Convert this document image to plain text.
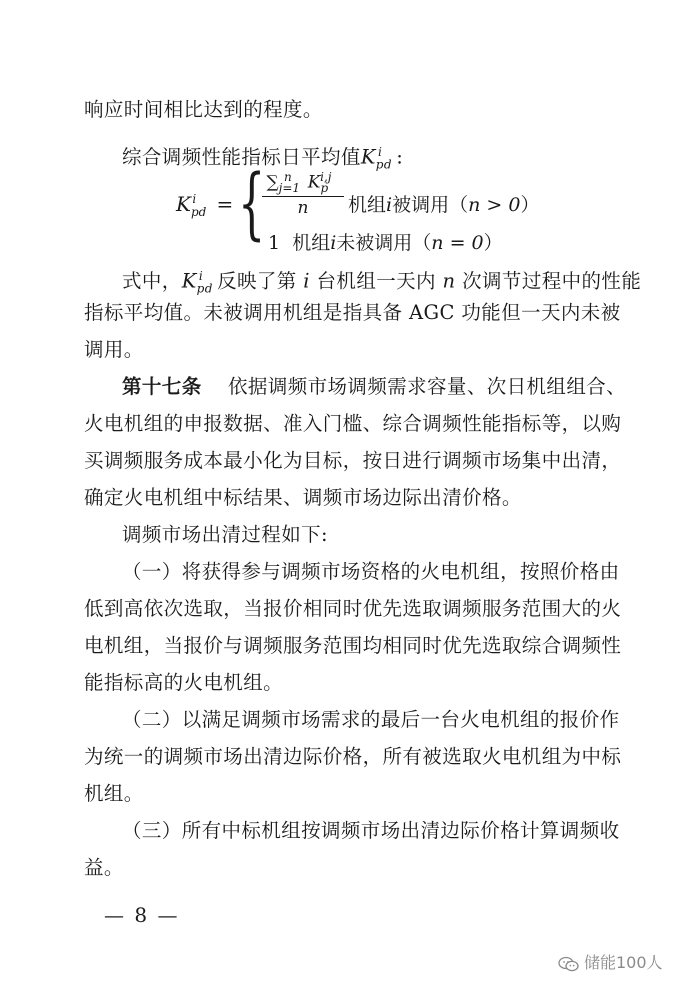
响应时间相比达到的程度。
综合调频性能指标日平均值$K_{pd}^i$ :
$K_{pd}^i$ = { $\sum_{j=1}^n$ $K_p^{i,j}$
n	机组i被调用（n > 0）
1 机组i未被调用（n = 0）
式中，$K_{pd}^i$ 反映了第 i 台机组一天内 n 次调节过程中的性能
指标平均值。未被调用机组是指具备 AGC 功能但一天内未被
调用。
第十七条 依据调频市场调频需求容量、次日机组组合、
火电机组的申报数据、准入门槛、综合调频性能指标等，以购
买调频服务成本最小化为目标，按日进行调频市场集中出清，
确定火电机组中标结果、调频市场边际出清价格。
调频市场出清过程如下:
（一）将获得参与调频市场资格的火电机组，按照价格由
低到高依次选取，当报价相同时优先选取调频服务范围大的火
电机组，当报价与调频服务范围均相同时优先选取综合调频性
能指标高的火电机组。
（二）以满足调频市场需求的最后一台火电机组的报价作
为统一的调频市场出清边际价格，所有被选取火电机组为中标
机组。
（三）所有中标机组按调频市场出清边际价格计算调频收
益。
— 8 —
储能100人
